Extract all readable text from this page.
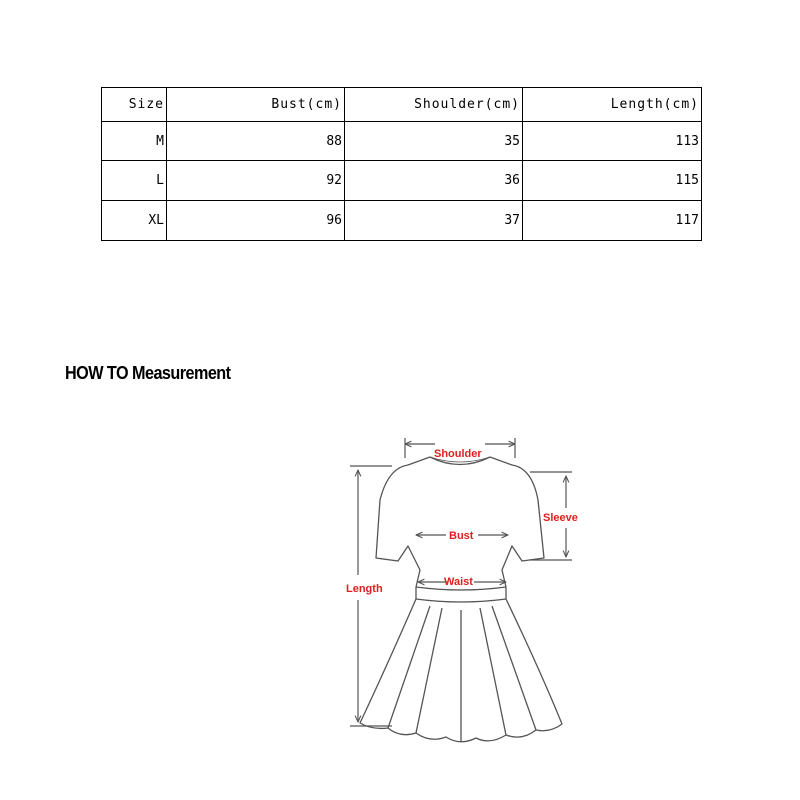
Size	Bust(cm)	Shoulder(cm)	Length(cm)
M	88	35	113
L	92	36	115
XL	96	37	117
HOW TO Measurement
Shoulder
Bust
Waist
Sleeve
Length
